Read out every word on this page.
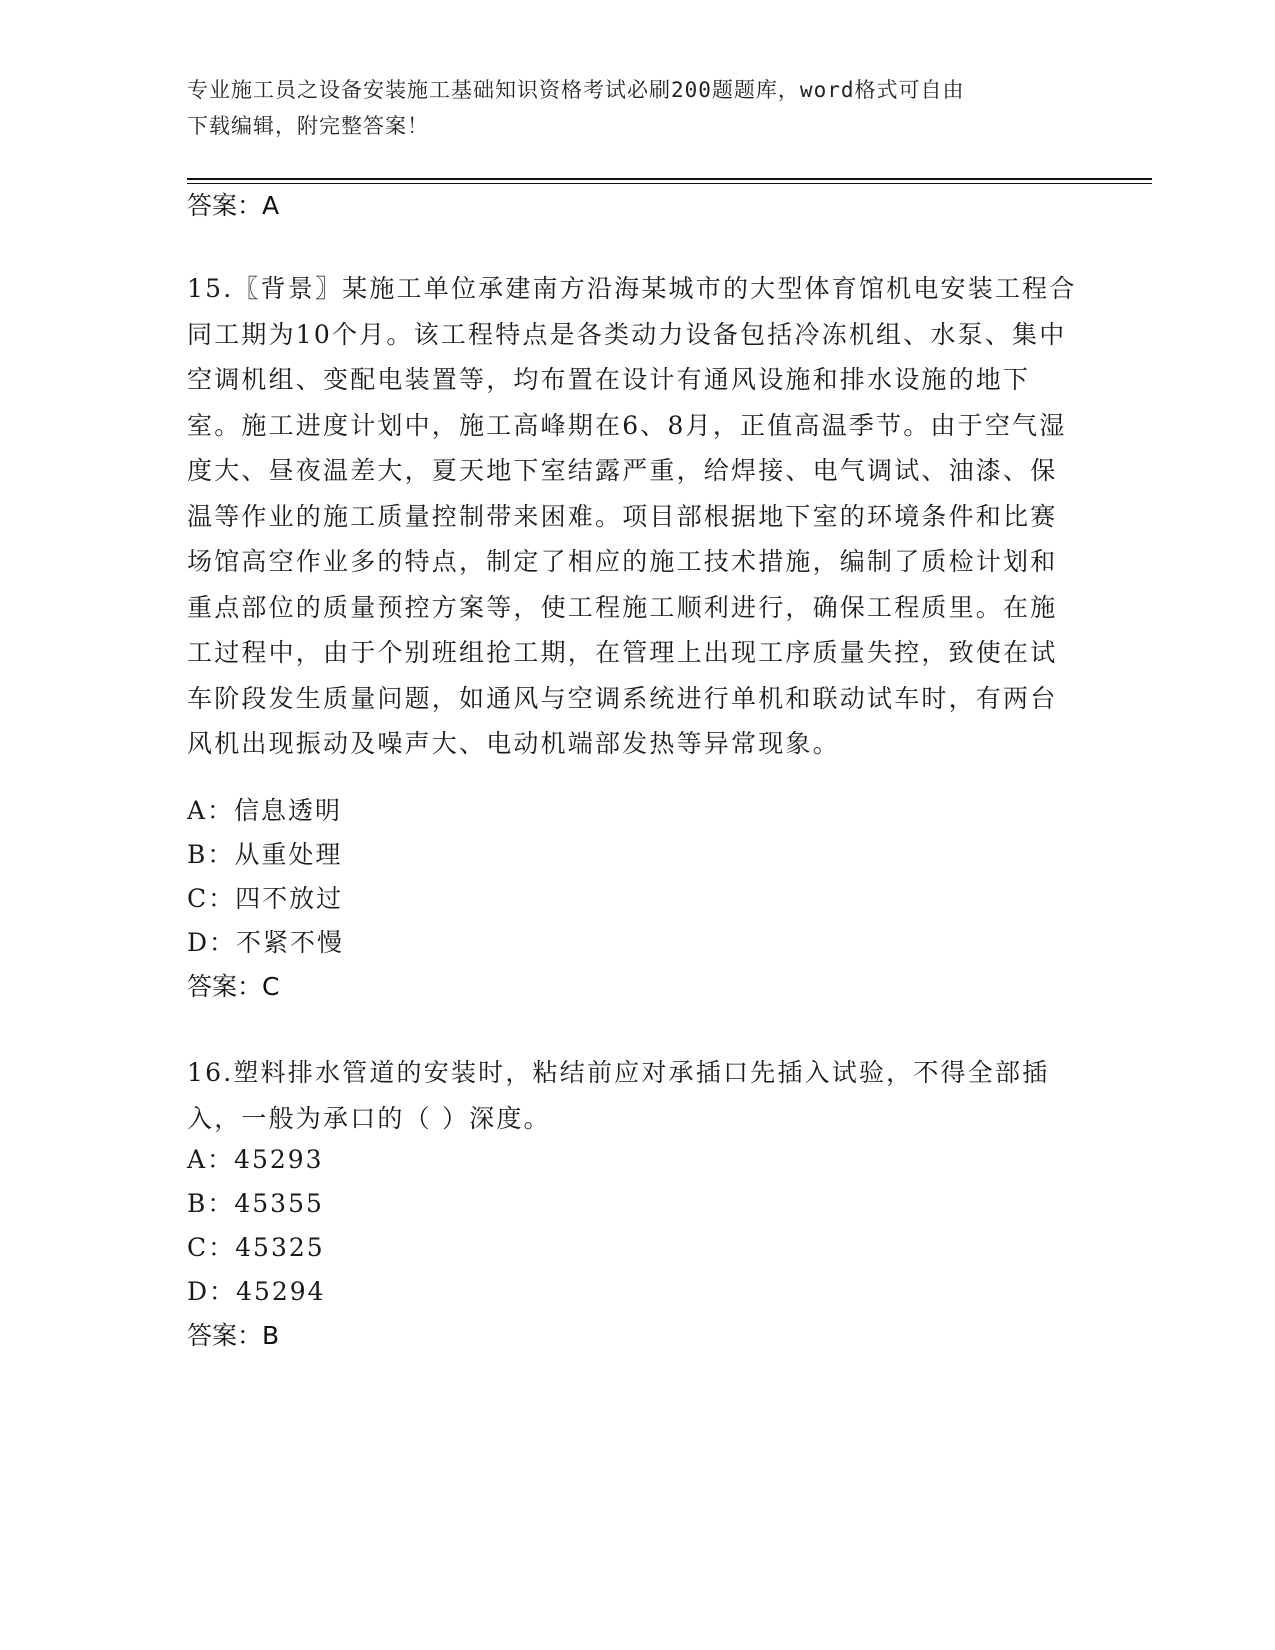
专业施工员之设备安装施工基础知识资格考试必刷200题题库，word格式可自由
下载编辑，附完整答案！
答案：A
15.〖背景〗某施工单位承建南方沿海某城市的大型体育馆机电安装工程合同工期为10个月。该工程特点是各类动力设备包括冷冻机组、水泵、集中空调机组、变配电装置等，均布置在设计有通风设施和排水设施的地下室。施工进度计划中，施工高峰期在6、8月，正值高温季节。由于空气湿度大、昼夜温差大，夏天地下室结露严重，给焊接、电气调试、油漆、保温等作业的施工质量控制带来困难。项目部根据地下室的环境条件和比赛场馆高空作业多的特点，制定了相应的施工技术措施，编制了质检计划和重点部位的质量预控方案等，使工程施工顺利进行，确保工程质里。在施工过程中，由于个别班组抢工期，在管理上出现工序质量失控，致使在试车阶段发生质量问题，如通风与空调系统进行单机和联动试车时，有两台风机出现振动及噪声大、电动机端部发热等异常现象。
A：信息透明
B：从重处理
C：四不放过
D：不紧不慢
答案：C
16.塑料排水管道的安装时，粘结前应对承插口先插入试验，不得全部插入，一般为承口的（ ）深度。
A：45293
B：45355
C：45325
D：45294
答案：B
